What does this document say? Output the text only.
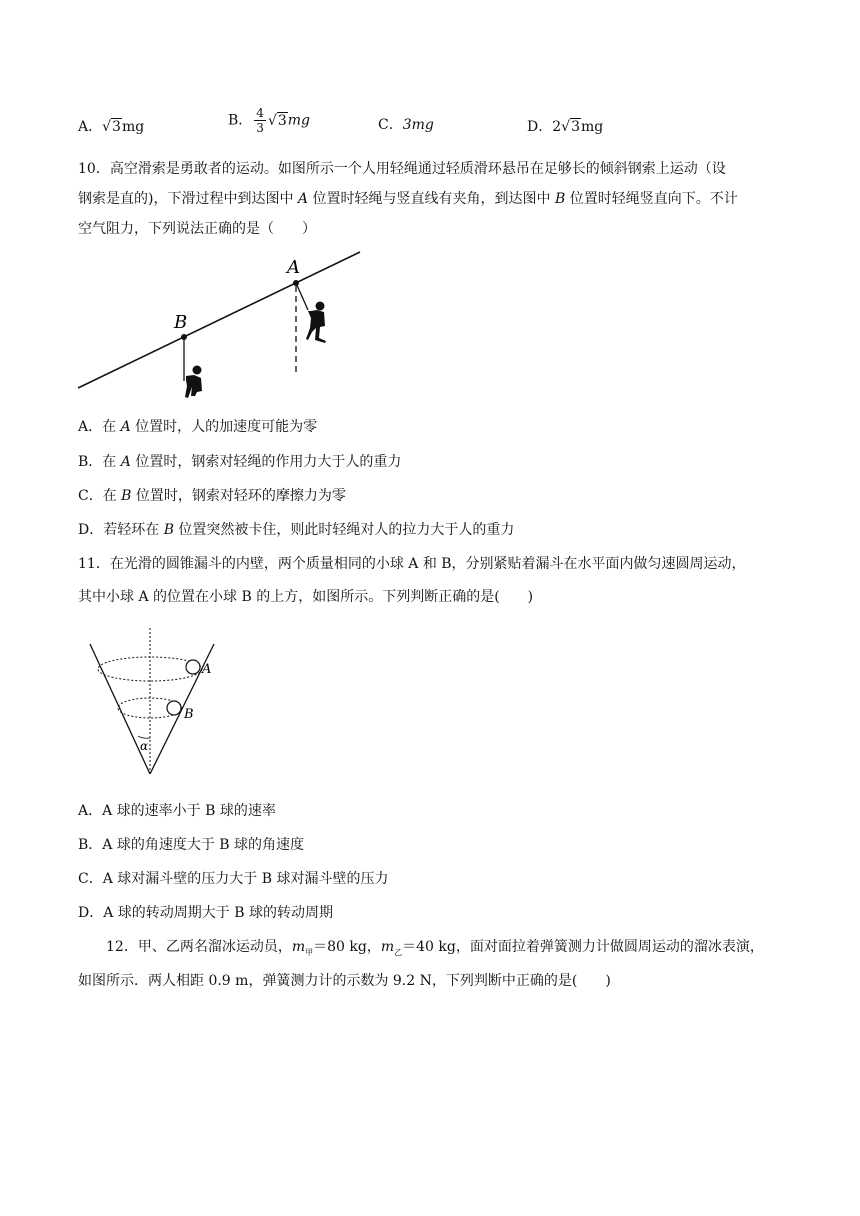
A．√3mg	B． $\frac{4}{3} √3mg$	C．3mg	D．2√3mg
10．高空滑索是勇敢者的运动。如图所示一个人用轻绳通过轻质滑环悬吊在足够长的倾斜钢索上运动（设
钢索是直的)，下滑过程中到达图中 A 位置时轻绳与竖直线有夹角，到达图中 B 位置时轻绳竖直向下。不计
空气阻力，下列说法正确的是（　　）
A
B
A．在 A 位置时，人的加速度可能为零
B．在 A 位置时，钢索对轻绳的作用力大于人的重力
C．在 B 位置时，钢索对轻环的摩擦力为零
D．若轻环在 B 位置突然被卡住，则此时轻绳对人的拉力大于人的重力
11．在光滑的圆锥漏斗的内壁，两个质量相同的小球 A 和 B，分别紧贴着漏斗在水平面内做匀速圆周运动，
其中小球 A 的位置在小球 B 的上方，如图所示。下列判断正确的是(　　)
A
B
α
A．A 球的速率小于 B 球的速率
B．A 球的角速度大于 B 球的角速度
C．A 球对漏斗壁的压力大于 B 球对漏斗壁的压力
D．A 球的转动周期大于 B 球的转动周期
12．甲、乙两名溜冰运动员，$m_甲=80$ kg，$m_乙=40$ kg，面对面拉着弹簧测力计做圆周运动的溜冰表演，
如图所示．两人相距 0.9 m，弹簧测力计的示数为 9.2 N，下列判断中正确的是(　　)
